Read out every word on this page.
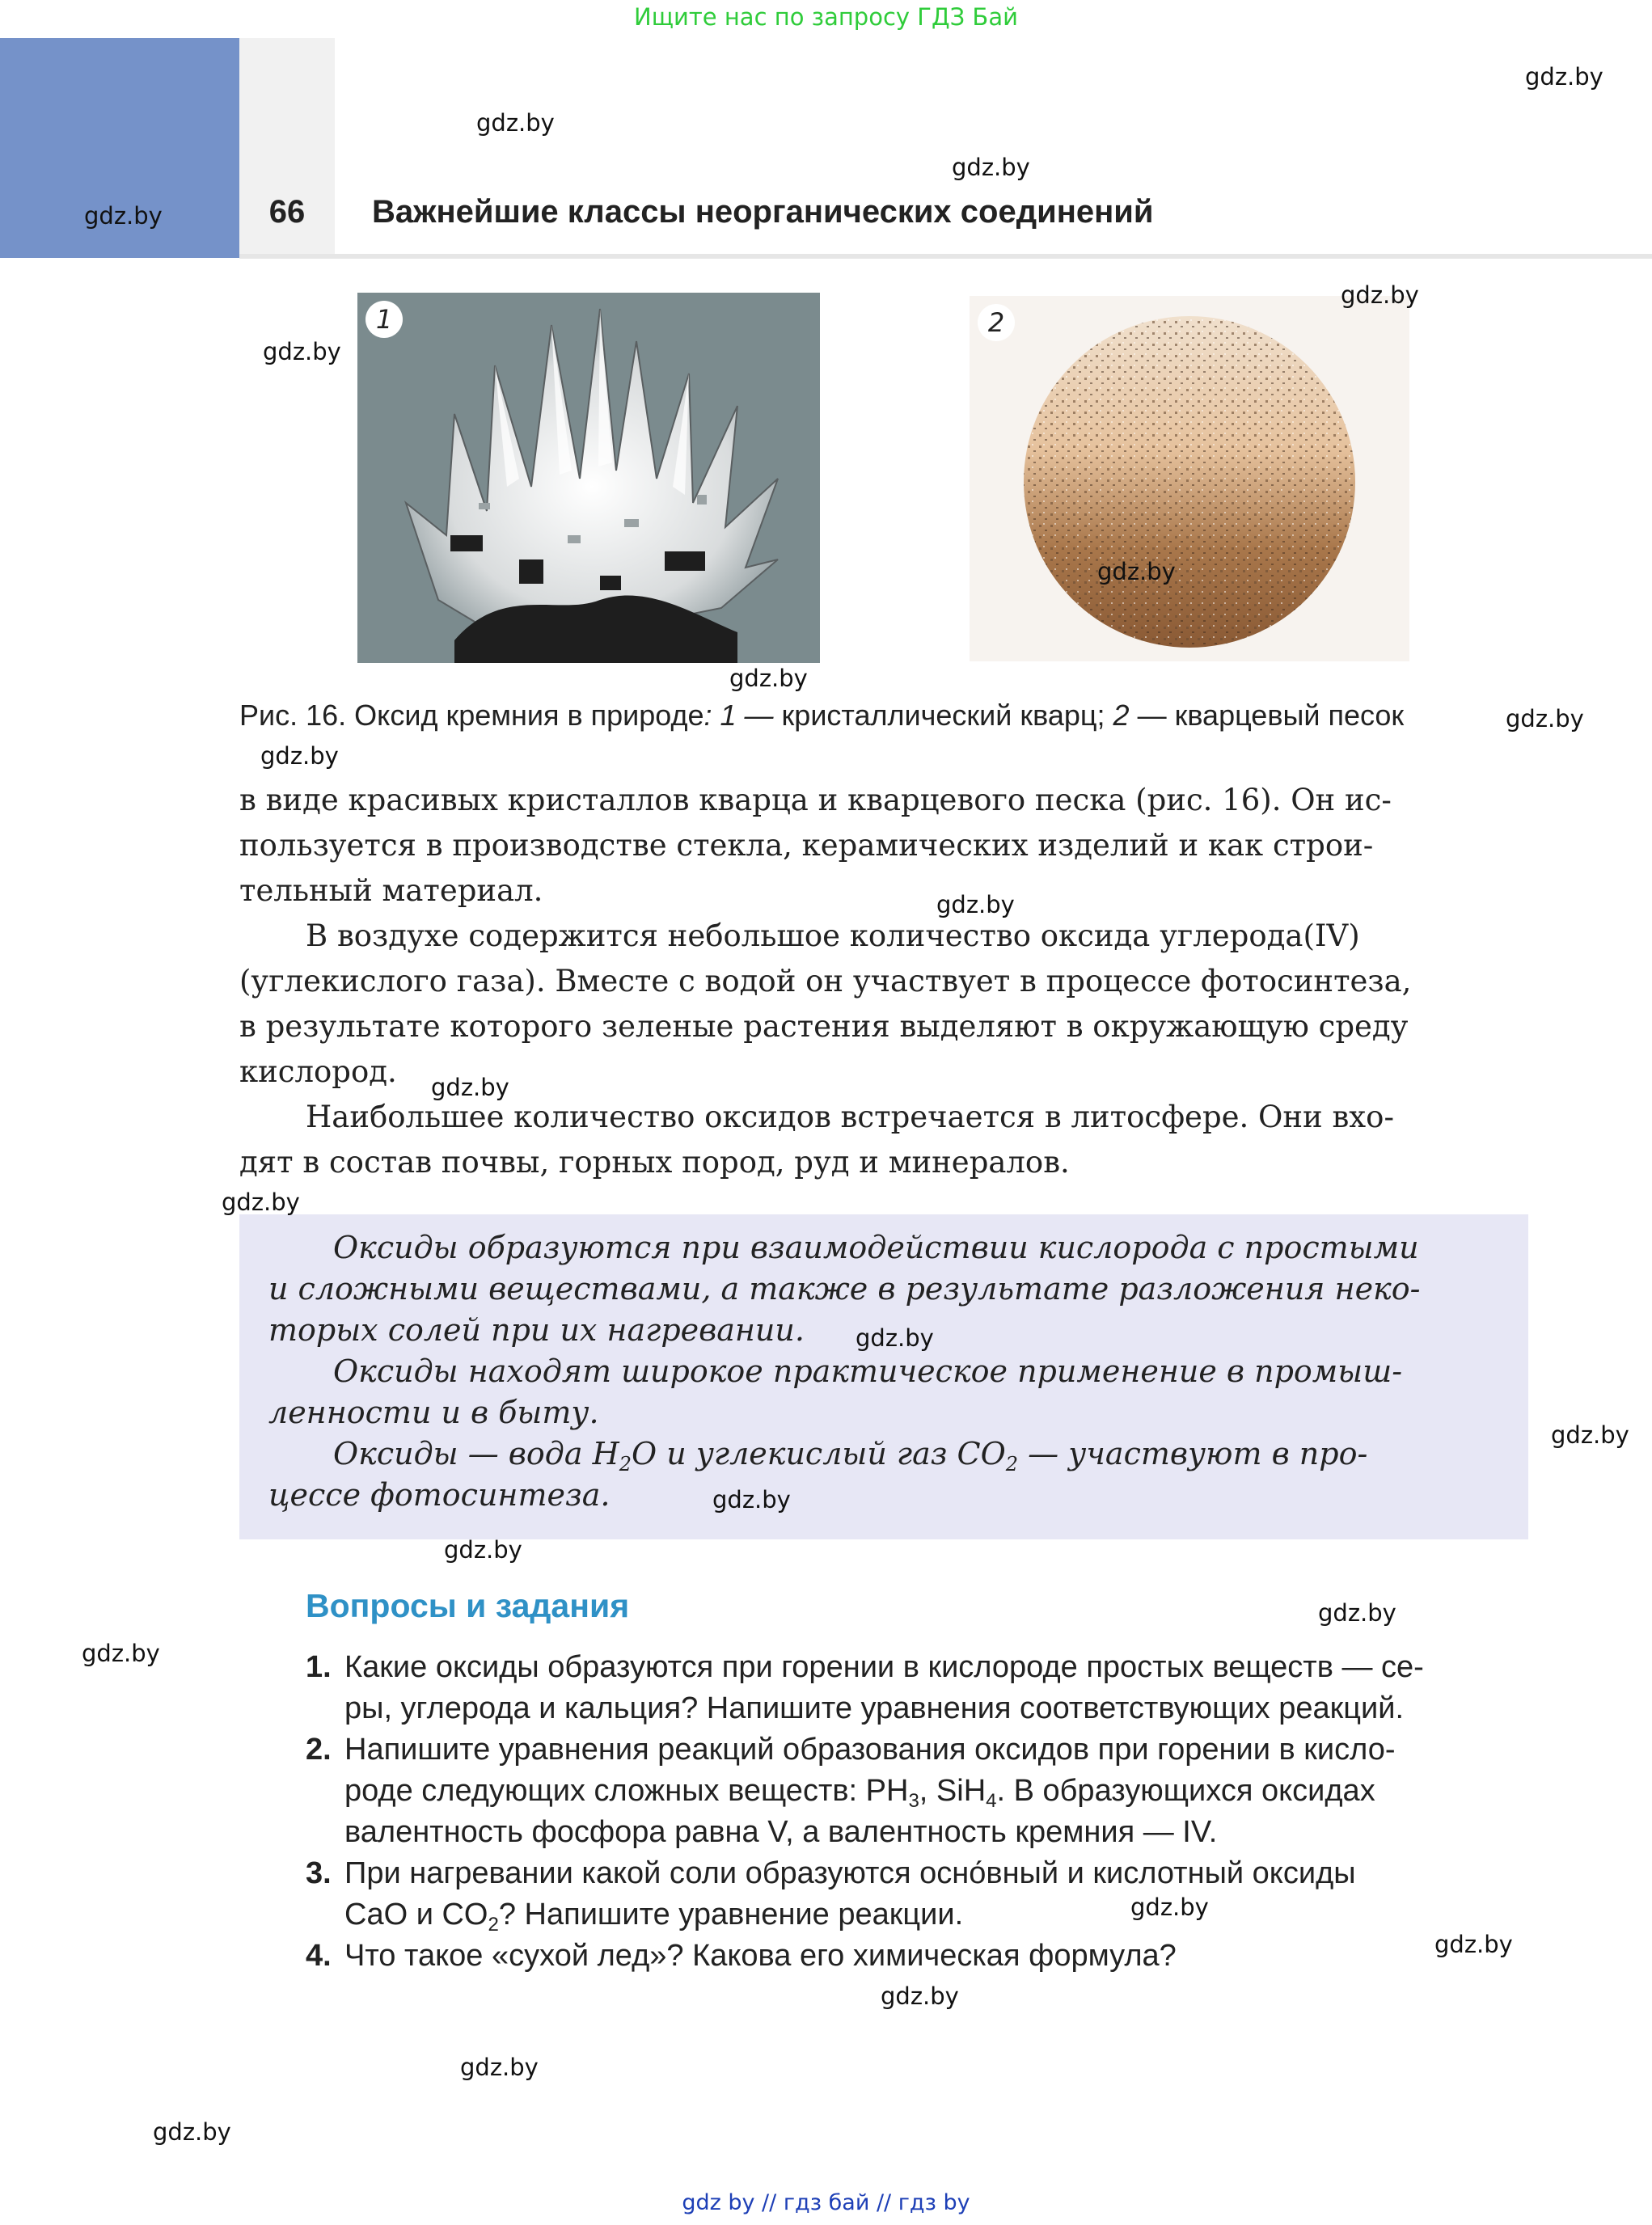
Ищите нас по запросу ГДЗ Бай
66	Важнейшие классы неорганических соединений
1	2
Рис. 16. Оксид кремния в природе: 1 — кристаллический кварц; 2 — кварцевый песок
в виде красивых кристаллов кварца и кварцевого песка (рис. 16). Он ис-
пользуется в производстве стекла, керамических изделий и как строи-
тельный материал.
В воздухе содержится небольшое количество оксида углерода(IV)
(углекислого газа). Вместе с водой он участвует в процессе фотосинтеза,
в результате которого зеленые растения выделяют в окружающую среду
кислород.
Наибольшее количество оксидов встречается в литосфере. Они вхо-
дят в состав почвы, горных пород, руд и минералов.
Оксиды образуются при взаимодействии кислорода с простыми
и сложными веществами, а также в результате разложения неко-
торых солей при их нагревании.
Оксиды находят широкое практическое применение в промыш-
ленности и в быту.
Оксиды — вода $H_2O$ и углекислый газ $CO_2$ — участвуют в про-
цессе фотосинтеза.
Вопросы и задания
1. Какие оксиды образуются при горении в кислороде простых веществ — се-
ры, углерода и кальция? Напишите уравнения соответствующих реакций.
2. Напишите уравнения реакций образования оксидов при горении в кисло-
роде следующих сложных веществ: $PH_3$, SiH$_4$. В образующихся оксидах
валентность фосфора равна V, а валентность кремния — IV.
3. При нагревании какой соли образуются осно́вный и кислотный оксиды
CaO и $CO_2$? Напишите уравнение реакции.
4. Что такое «сухой лед»? Какова его химическая формула?
gdz.by
gdz.by
gdz.by
gdz.by
gdz.by
gdz.by
gdz.by
gdz.by
gdz.by
gdz.by
gdz.by
gdz.by
gdz.by
gdz.by
gdz.by
gdz.by
gdz.by
gdz.by
gdz.by
gdz.by
gdz.by
gdz.by
gdz.by
gdz.by
gdz by // гдз бай // гдз by
